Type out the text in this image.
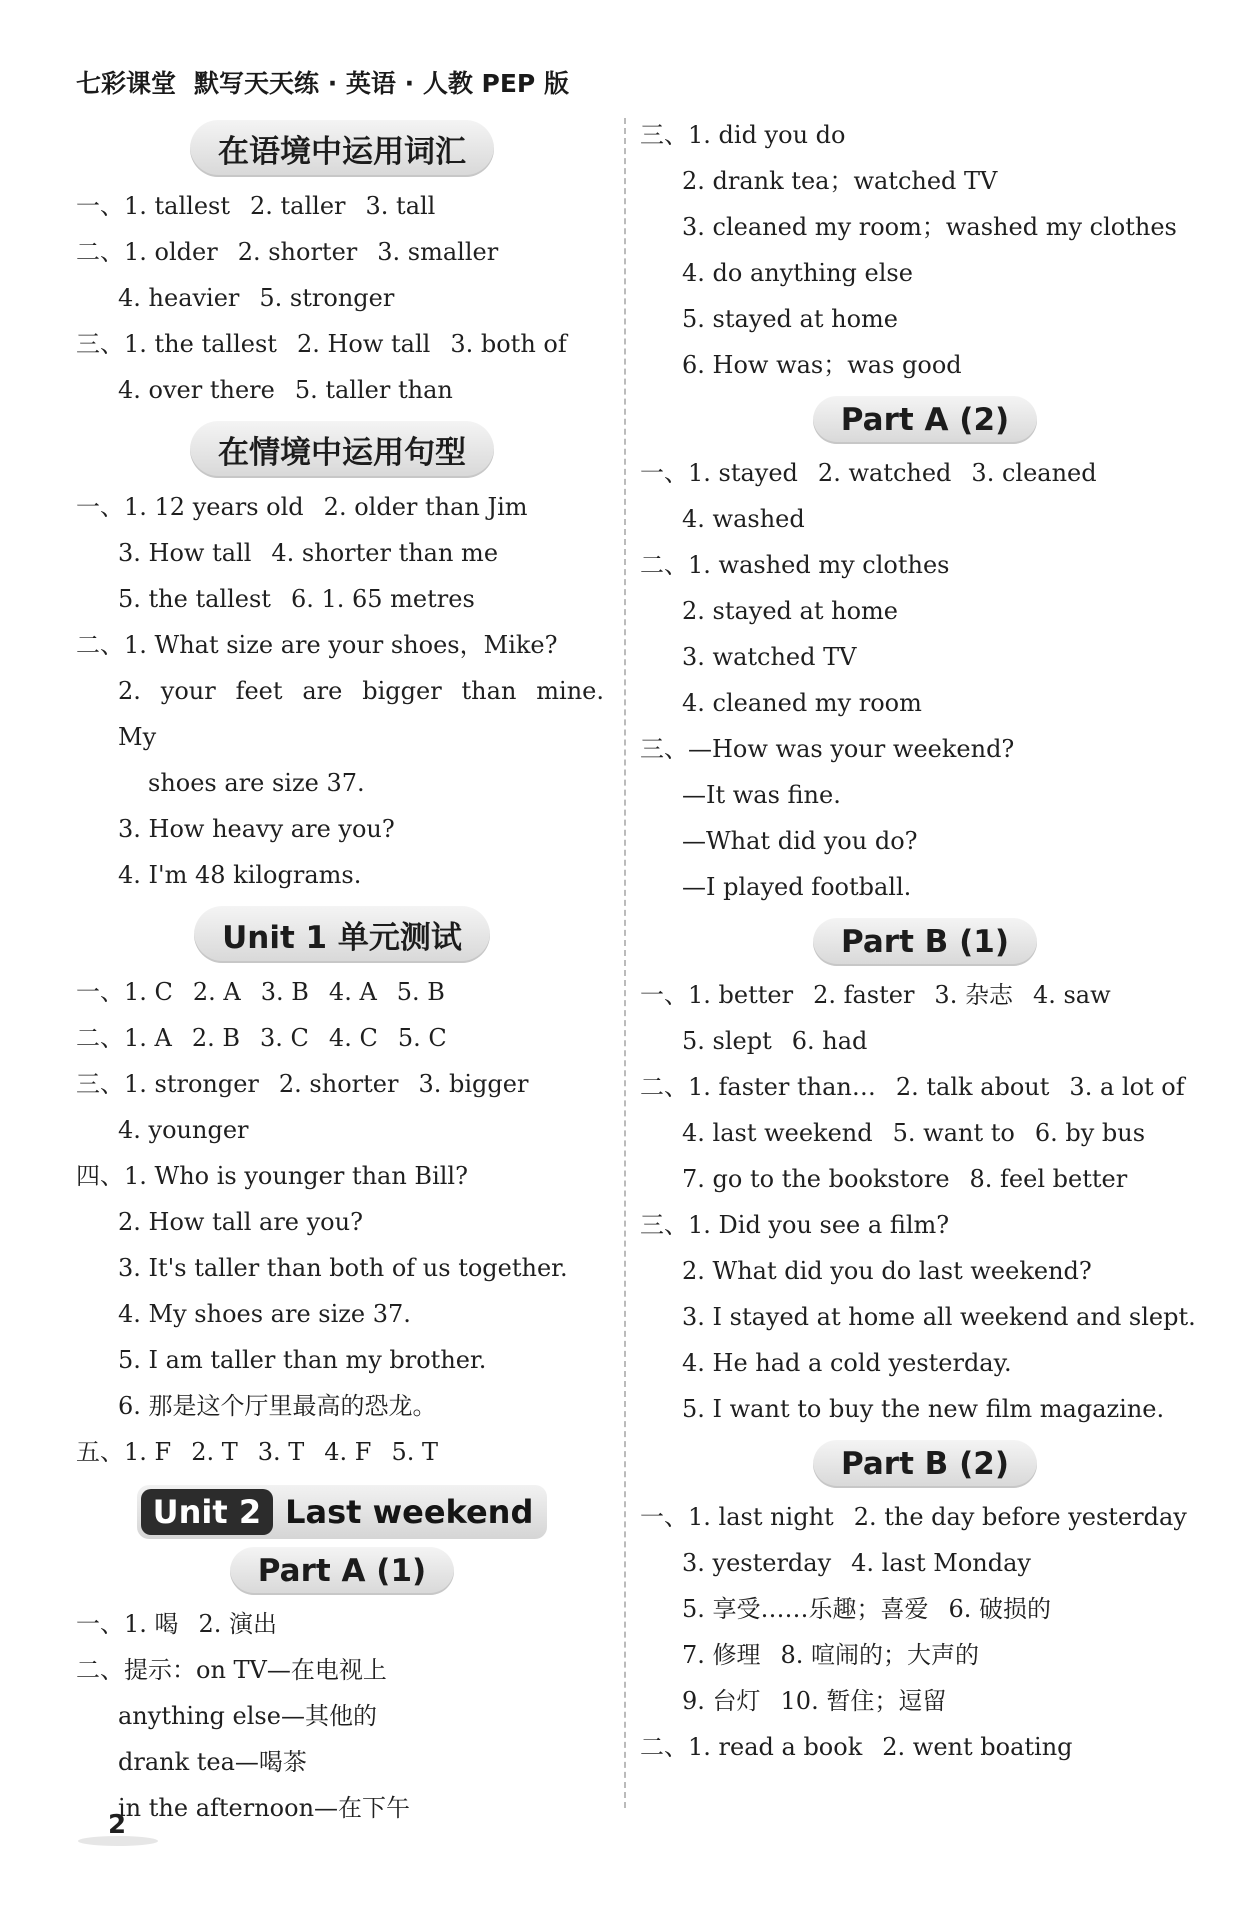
七彩课堂 默写天天练 · 英语 · 人教 PEP 版
在语境中运用词汇
一、1. tallest 2. taller 3. tall
二、1. older 2. shorter 3. smaller
4. heavier 5. stronger
三、1. the tallest 2. How tall 3. both of
4. over there 5. taller than
在情境中运用句型
一、1. 12 years old 2. older than Jim
3. How tall 4. shorter than me
5. the tallest 6. 1. 65 metres
二、1. What size are your shoes，Mike?
2. your feet are bigger than mine. My
shoes are size 37.
3. How heavy are you?
4. I'm 48 kilograms.
Unit 1 单元测试
一、1. C 2. A 3. B 4. A 5. B
二、1. A 2. B 3. C 4. C 5. C
三、1. stronger 2. shorter 3. bigger
4. younger
四、1. Who is younger than Bill?
2. How tall are you?
3. It's taller than both of us together.
4. My shoes are size 37.
5. I am taller than my brother.
6. 那是这个厅里最高的恐龙。
五、1. F 2. T 3. T 4. F 5. T
Unit 2 Last weekend
Part A (1)
一、1. 喝 2. 演出
二、提示：on TV—在电视上
anything else—其他的
drank tea—喝茶
in the afternoon—在下午
三、1. did you do
2. drank tea；watched TV
3. cleaned my room；washed my clothes
4. do anything else
5. stayed at home
6. How was；was good
Part A (2)
一、1. stayed 2. watched 3. cleaned
4. washed
二、1. washed my clothes
2. stayed at home
3. watched TV
4. cleaned my room
三、—How was your weekend?
—It was fine.
—What did you do?
—I played football.
Part B (1)
一、1. better 2. faster 3. 杂志 4. saw
5. slept 6. had
二、1. faster than… 2. talk about 3. a lot of
4. last weekend 5. want to 6. by bus
7. go to the bookstore 8. feel better
三、1. Did you see a film?
2. What did you do last weekend?
3. I stayed at home all weekend and slept.
4. He had a cold yesterday.
5. I want to buy the new film magazine.
Part B (2)
一、1. last night 2. the day before yesterday
3. yesterday 4. last Monday
5. 享受……乐趣；喜爱 6. 破损的
7. 修理 8. 喧闹的；大声的
9. 台灯 10. 暂住；逗留
二、1. read a book 2. went boating
2
